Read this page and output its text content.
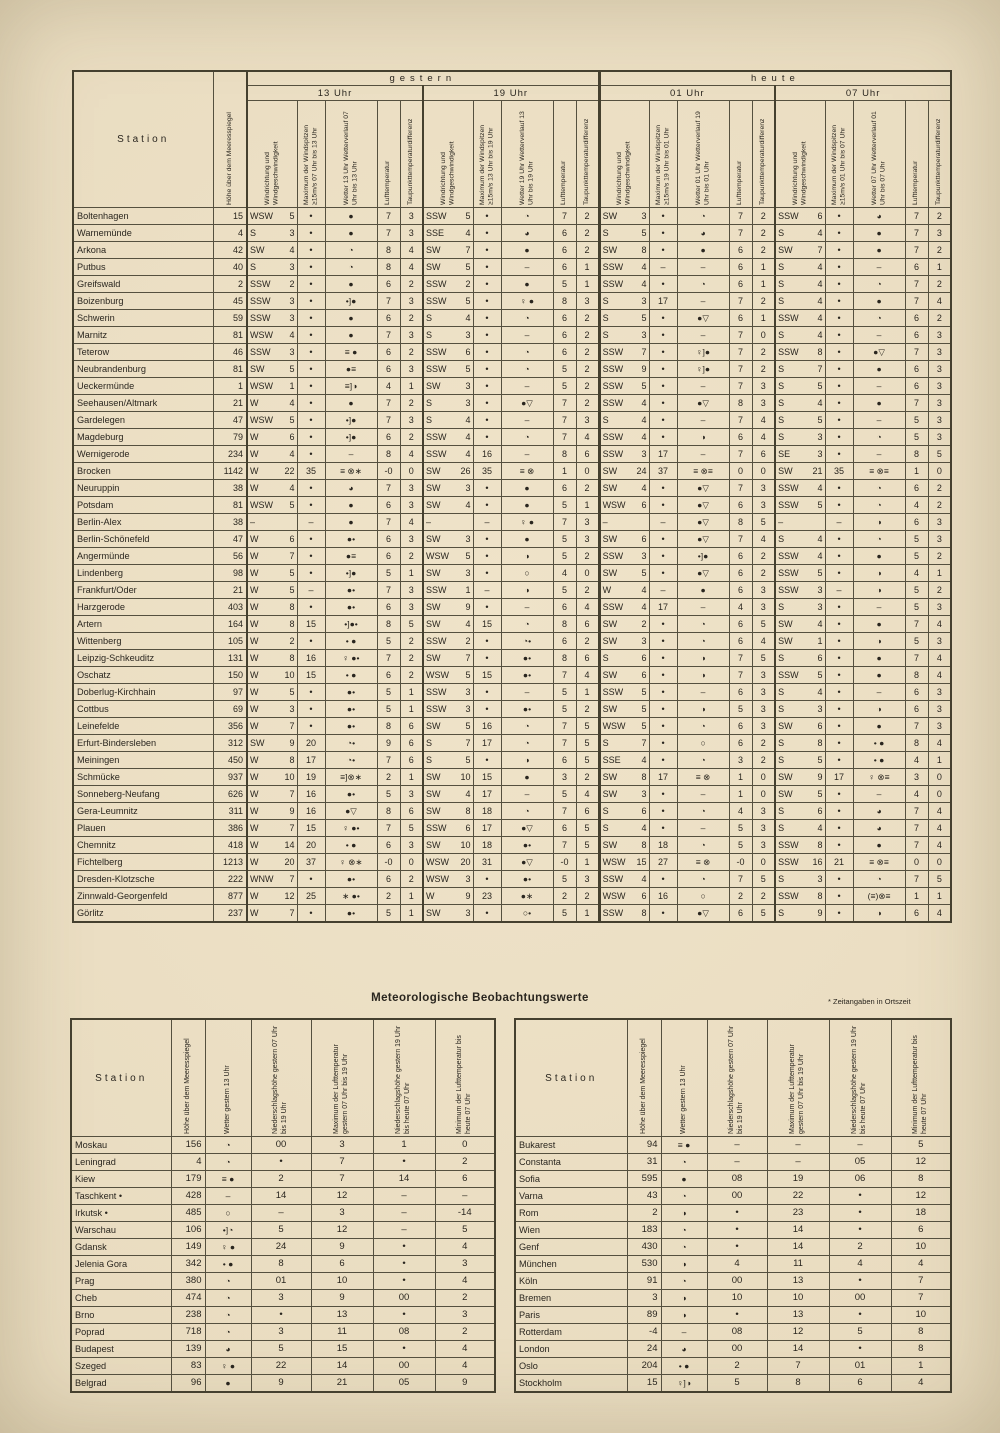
Station	Höhe über dem Meeresspiegel	gestern										heute									
		13 Uhr					19 Uhr					01 Uhr					07 Uhr				

		Windrichtung und Windgeschwindigkeit	Maximum der Windspitzen ≥15m/s 07 Uhr bis 13 Uhr	Wetter 13 Uhr Wetterverlauf 07 Uhr bis 13 Uhr	Lufttemperatur	Taupunkttemperaturdifferenz	Windrichtung und Windgeschwindigkeit	Maximum der Windspitzen ≥15m/s 13 Uhr bis 19 Uhr	Wetter 19 Uhr Wetterverlauf 13 Uhr bis 19 Uhr	Lufttemperatur	Taupunkttemperaturdifferenz	Windrichtung und Windgeschwindigkeit	Maximum der Windspitzen ≥15m/s 19 Uhr bis 01 Uhr	Wetter 01 Uhr Wetterverlauf 19 Uhr bis 01 Uhr	Lufttemperatur	Taupunkttemperaturdifferenz	Windrichtung und Windgeschwindigkeit	Maximum der Windspitzen ≥15m/s 01 Uhr bis 07 Uhr	Wetter 07 Uhr Wetterverlauf 01 Uhr bis 07 Uhr	Lufttemperatur	Taupunkttemperaturdifferenz

Boltenhagen	15	WSW 5	•	●	7	3	SSW 5	•	◔	7	2	SW 3	•	◔	7	2	SSW 6	•	◕	7	2
Warnemünde	4	S 3	•	●	7	3	SSE 4	•	◕	6	2	S 5	•	◕	7	2	S 4	•	●	7	3
Arkona	42	SW 4	•	◔	8	4	SW 7	•	●	6	2	SW 8	•	●	6	2	SW 7	•	●	7	2
Putbus	40	S 3	•	◔	8	4	SW 5	•	–	6	1	SSW 4	–	–	6	1	S 4	•	–	6	1
Greifswald	2	SSW 2	•	●	6	2	SSW 2	•	●	5	1	SSW 4	•	◔	6	1	S 4	•	◔	7	2
Boizenburg	45	SSW 3	•	•]●	7	3	SSW 5	•	♀ ●	8	3	S 3	17	–	7	2	S 4	•	●	7	4
Schwerin	59	SSW 3	•	●	6	2	S 4	•	◔	6	2	S 5	•	●▽	6	1	SSW 4	•	◔	6	2
Marnitz	81	WSW 4	•	●	7	3	S 3	•	–	6	2	S 3	•	–	7	0	S 4	•	–	6	3
Teterow	46	SSW 3	•	≡ ●	6	2	SSW 6	•	◔	6	2	SSW 7	•	♀]●	7	2	SSW 8	•	●▽	7	3
Neubrandenburg	81	SW 5	•	●≡	6	3	SSW 5	•	◔	5	2	SSW 9	•	♀]●	7	2	S 7	•	●	6	3
Ueckermünde	1	WSW 1	•	≡]◑	4	1	SW 3	•	–	5	2	SSW 5	•	–	7	3	S 5	•	–	6	3
Seehausen/Altmark	21	W 4	•	●	7	2	S 3	•	●▽	7	2	SSW 4	•	●▽	8	3	S 4	•	●	7	3
Gardelegen	47	WSW 5	•	•]●	7	3	S 4	•	–	7	3	S 4	•	–	7	4	S 5	•	–	5	3
Magdeburg	79	W 6	•	•]●	6	2	SSW 4	•	◔	7	4	SSW 4	•	◑	6	4	S 3	•	◔	5	3
Wernigerode	234	W 4	•	–	8	4	SSW 4	16	–	8	6	SSW 3	17	–	7	6	SE 3	•	–	8	5
Brocken	1142	W 22	35	≡ ⊗∗	-0	0	SW 26	35	≡ ⊗	1	0	SW 24	37	≡ ⊗≡	0	0	SW 21	35	≡ ⊗≡	1	0
Neuruppin	38	W 4	•	◕	7	3	SW 3	•	●	6	2	SW 4	•	●▽	7	3	SSW 4	•	◔	6	2
Potsdam	81	WSW 5	•	●	6	3	SW 4	•	●	5	1	WSW 6	•	●▽	6	3	SSW 5	•	◔	4	2
Berlin-Alex	38	–	–	●	7	4	–	–	♀ ●	7	3	–	–	●▽	8	5	–	–	◑	6	3
Berlin-Schönefeld	47	W 6	•	●•	6	3	SW 3	•	●	5	3	SW 6	•	●▽	7	4	S 4	•	◔	5	3
Angermünde	56	W 7	•	●≡	6	2	WSW 5	•	◑	5	2	SSW 3	•	•]●	6	2	SSW 4	•	●	5	2
Lindenberg	98	W 5	•	•]●	5	1	SW 3	•	○	4	0	SW 5	•	●▽	6	2	SSW 5	•	◑	4	1
Frankfurt/Oder	21	W 5	–	●•	7	3	SSW 1	–	◑	5	2	W 4	–	●	6	3	SSW 3	–	◑	5	2
Harzgerode	403	W 8	•	●•	6	3	SW 9	•	–	6	4	SSW 4	17	–	4	3	S 3	•	–	5	3
Artern	164	W 8	15	•]●•	8	5	SW 4	15	◔	8	6	SW 2	•	◔	6	5	SW 4	•	●	7	4
Wittenberg	105	W 2	•	• ●	5	2	SSW 2	•	◔•	6	2	SW 3	•	◔	6	4	SW 1	•	◑	5	3
Leipzig-Schkeuditz	131	W 8	16	♀ ●•	7	2	SW 7	•	●•	8	6	S 6	•	◑	7	5	S 6	•	●	7	4
Oschatz	150	W 10	15	• ●	6	2	WSW 5	15	●•	7	4	SW 6	•	◑	7	3	SSW 5	•	●	8	4
Doberlug-Kirchhain	97	W 5	•	●•	5	1	SSW 3	•	–	5	1	SSW 5	•	–	6	3	S 4	•	–	6	3
Cottbus	69	W 3	•	●•	5	1	SSW 3	•	●•	5	2	SW 5	•	◑	5	3	S 3	•	◑	6	3
Leinefelde	356	W 7	•	●•	8	6	SW 5	16	◔	7	5	WSW 5	•	◔	6	3	SW 6	•	●	7	3
Erfurt-Bindersleben	312	SW 9	20	◔•	9	6	S 7	17	◔	7	5	S 7	•	○	6	2	S 8	•	• ●	8	4
Meiningen	450	W 8	17	◔•	7	6	S 5	•	◑	6	5	SSE 4	•	◔	3	2	S 5	•	• ●	4	1
Schmücke	937	W 10	19	≡]⊗∗	2	1	SW 10	15	●	3	2	SW 8	17	≡ ⊗	1	0	SW 9	17	♀ ⊗≡	3	0
Sonneberg-Neufang	626	W 7	16	●•	5	3	SW 4	17	–	5	4	SW 3	•	–	1	0	SW 5	•	–	4	0
Gera-Leumnitz	311	W 9	16	●▽	8	6	SW 8	18	◔	7	6	S 6	•	◔	4	3	S 6	•	◕	7	4
Plauen	386	W 7	15	♀ ●•	7	5	SSW 6	17	●▽	6	5	S 4	•	–	5	3	S 4	•	◕	7	4
Chemnitz	418	W 14	20	• ●	6	3	SW 10	18	●•	7	5	SW 8	18	◔	5	3	SSW 8	•	●	7	4
Fichtelberg	1213	W 20	37	♀ ⊗∗	-0	0	WSW 20	31	●▽	-0	1	WSW 15	27	≡ ⊗	-0	0	SSW 16	21	≡ ⊗≡	0	0
Dresden-Klotzsche	222	WNW 7	•	●•	6	2	WSW 3	•	●•	5	3	SSW 4	•	◔	7	5	S 3	•	◔	7	5
Zinnwald-Georgenfeld	877	W 12	25	∗ ●•	2	1	W 9	23	●∗	2	2	WSW 6	16	○	2	2	SSW 8	•	(≡)⊗≡	1	1
Görlitz	237	W 7	•	●•	5	1	SW 3	•	○•	5	1	SSW 8	•	●▽	6	5	S 9	•	◑	6	4
Meteorologische Beobachtungswerte	* Zeitangaben in Ortszeit
Station	Höhe über dem Meeresspiegel	Wetter gestern 13 Uhr	Niederschlagshöhe gestern 07 Uhr bis 19 Uhr	Maximum der Lufttemperatur gestern 07 Uhr bis 19 Uhr	Niederschlagshöhe gestern 19 Uhr bis heute 07 Uhr	Minimum der Lufttemperatur bis heute 07 Uhr

Moskau	156	◔	00	3	1	0
Leningrad	4	◔	•	7	•	2
Kiew	179	≡ ●	2	7	14	6
Taschkent •	428	–	14	12	–	–
Irkutsk •	485	○	–	3	–	-14
Warschau	106	•]◔	5	12	–	5
Gdansk	149	♀ ●	24	9	•	4
Jelenia Gora	342	• ●	8	6	•	3
Prag	380	◔	01	10	•	4
Cheb	474	◔	3	9	00	2
Brno	238	◔	•	13	•	3
Poprad	718	◔	3	11	08	2
Budapest	139	◕	5	15	•	4
Szeged	83	♀ ●	22	14	00	4
Belgrad	96	●	9	21	05	9
Station	Höhe über dem Meeresspiegel	Wetter gestern 13 Uhr	Niederschlagshöhe gestern 07 Uhr bis 19 Uhr	Maximum der Lufttemperatur gestern 07 Uhr bis 19 Uhr	Niederschlagshöhe gestern 19 Uhr bis heute 07 Uhr	Minimum der Lufttemperatur bis heute 07 Uhr

Bukarest	94	≡ ●	–	–	–	5
Constanta	31	◔	–	–	05	12
Sofia	595	●	08	19	06	8
Varna	43	◔	00	22	•	12
Rom	2	◑	•	23	•	18
Wien	183	◔	•	14	•	6
Genf	430	◔	•	14	2	10
München	530	◑	4	11	4	4
Köln	91	◔	00	13	•	7
Bremen	3	◑	10	10	00	7
Paris	89	◑	•	13	•	10
Rotterdam	-4	–	08	12	5	8
London	24	◕	00	14	•	8
Oslo	204	• ●	2	7	01	1
Stockholm	15	♀]◑	5	8	6	4
